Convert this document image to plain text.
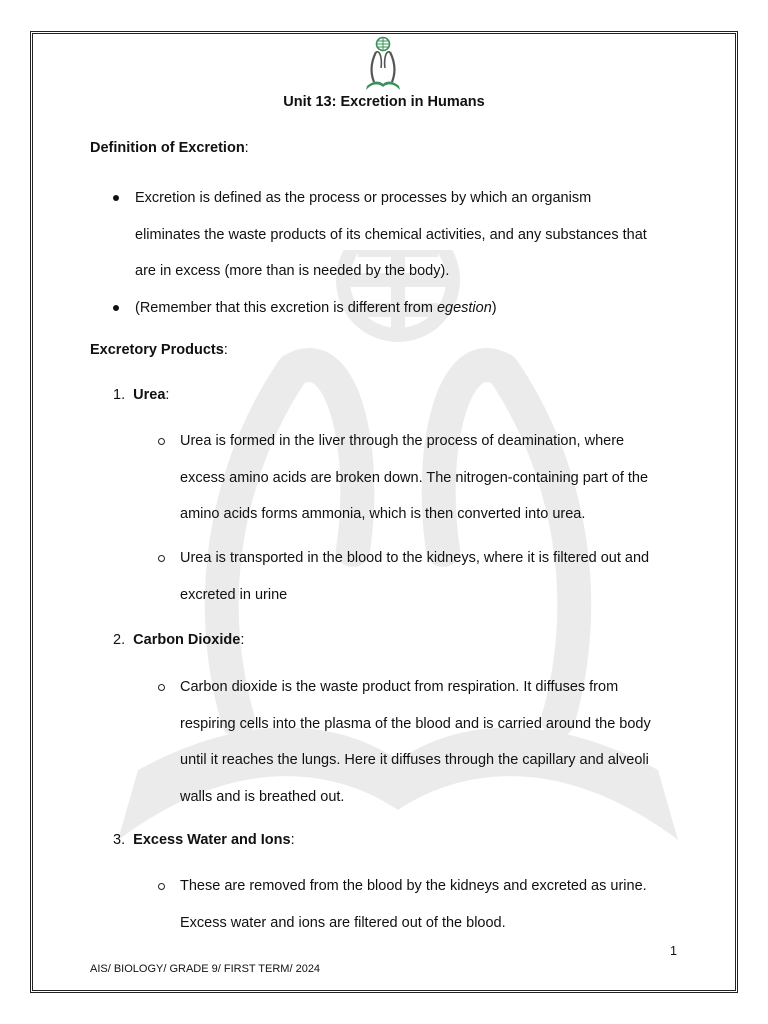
Unit 13: Excretion in Humans
Definition of Excretion:
Excretion is defined as the process or processes by which an organism
eliminates the waste products of its chemical activities, and any substances that
are in excess (more than is needed by the body).
(Remember that this excretion is different from egestion)
Excretory Products:
1. Urea:
Urea is formed in the liver through the process of deamination, where
excess amino acids are broken down. The nitrogen-containing part of the
amino acids forms ammonia, which is then converted into urea.
Urea is transported in the blood to the kidneys, where it is filtered out and
excreted in urine
2. Carbon Dioxide:
Carbon dioxide is the waste product from respiration. It diffuses from
respiring cells into the plasma of the blood and is carried around the body
until it reaches the lungs. Here it diffuses through the capillary and alveoli
walls and is breathed out.
3. Excess Water and Ions:
These are removed from the blood by the kidneys and excreted as urine.
Excess water and ions are filtered out of the blood.
1
AIS/ BIOLOGY/ GRADE 9/ FIRST TERM/ 2024
